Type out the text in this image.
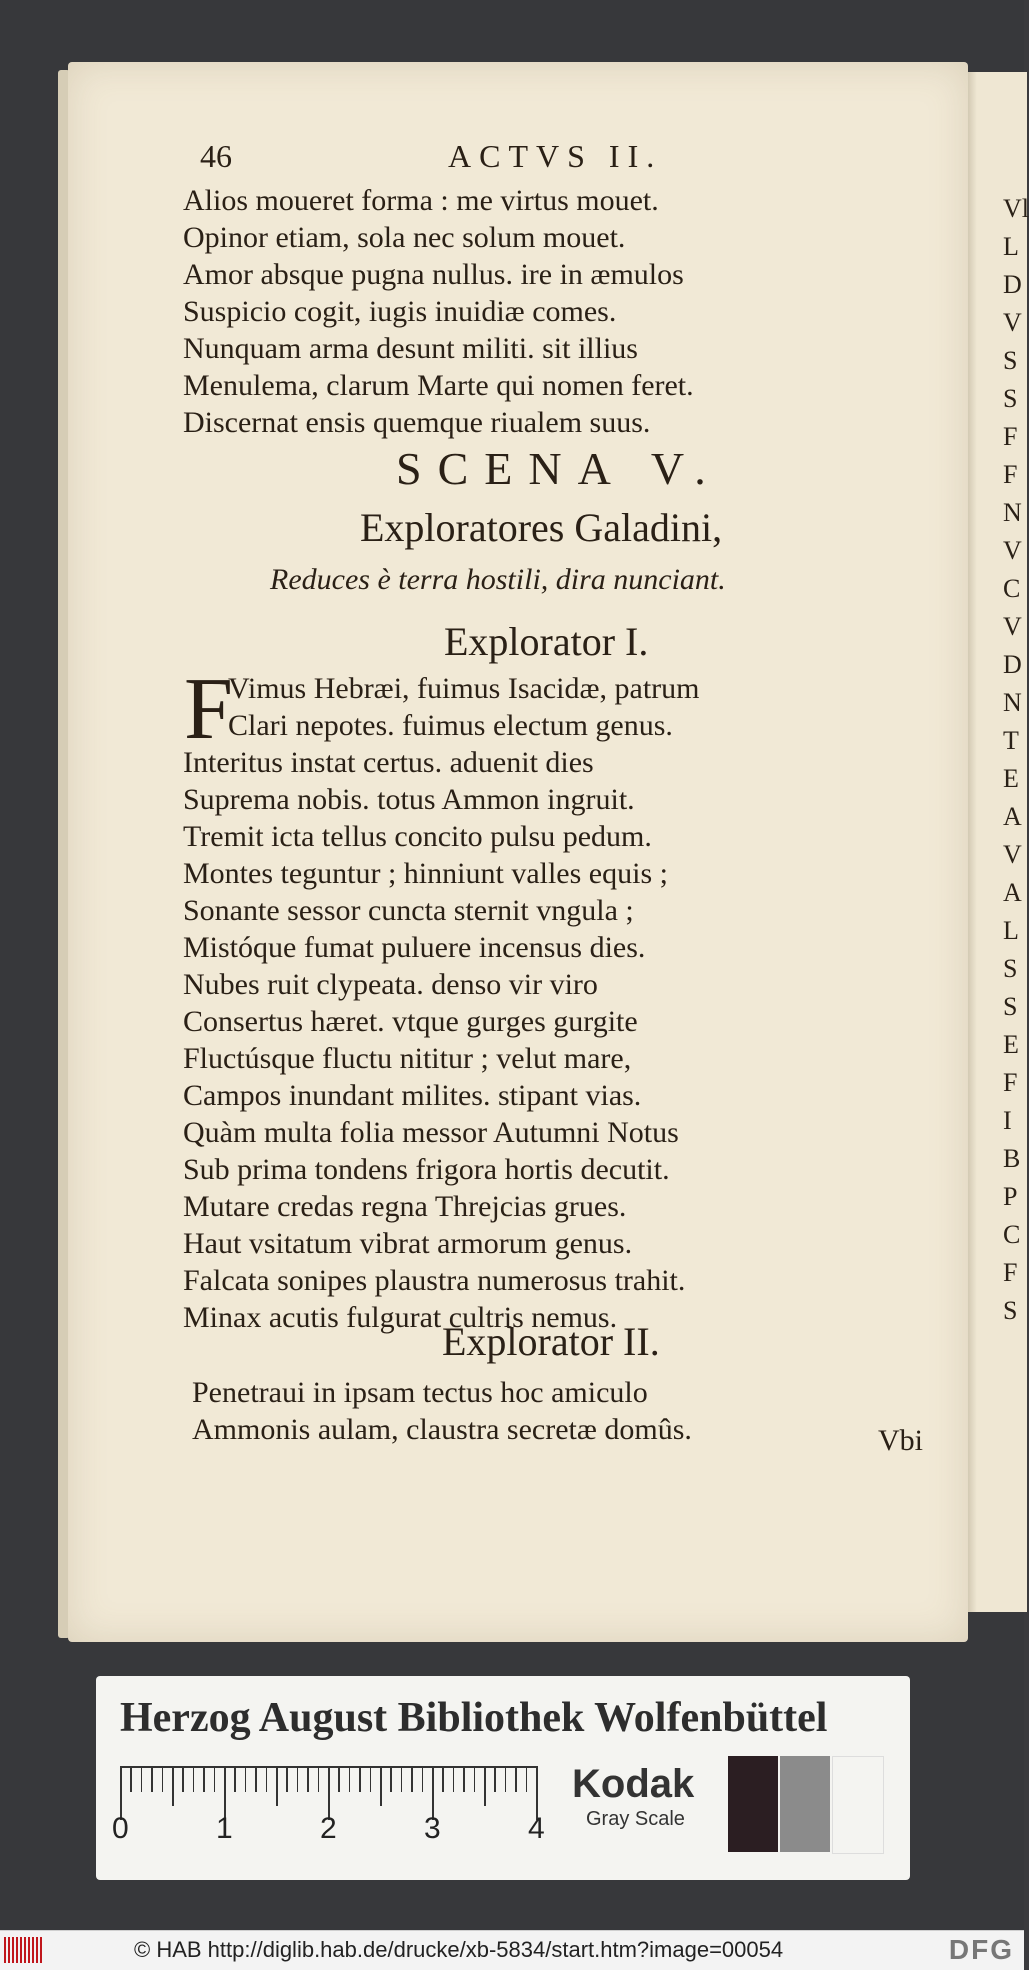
Vl
L
D
V
S
S
F
F
N
V
C
V
D
N
T
E
A
V
A
L
S
S
E
F
I
B
P
C
F
S
46	ACTVS II.
Alios moueret forma : me virtus mouet.
Opinor etiam, sola nec solum mouet.
Amor absque pugna nullus. ire in æmulos
Suspicio cogit, iugis inuidiæ comes.
Nunquam arma desunt militi. sit illius
Menulema, clarum Marte qui nomen feret.
Discernat ensis quemque riualem suus.
SCENA V.
Exploratores Galadini,
Reduces è terra hostili, dira nunciant.
Explorator I.
F
Vimus Hebræi, fuimus Isacidæ, patrum
Clari nepotes. fuimus electum genus.
Interitus instat certus. aduenit dies
Suprema nobis. totus Ammon ingruit.
Tremit icta tellus concito pulsu pedum.
Montes teguntur ; hinniunt valles equis ;
Sonante sessor cuncta sternit vngula ;
Mistóque fumat puluere incensus dies.
Nubes ruit clypeata. denso vir viro
Consertus hæret. vtque gurges gurgite
Fluctúsque fluctu nititur ; velut mare,
Campos inundant milites. stipant vias.
Quàm multa folia messor Autumni Notus
Sub prima tondens frigora hortis decutit.
Mutare credas regna Threjcias grues.
Haut vsitatum vibrat armorum genus.
Falcata sonipes plaustra numerosus trahit.
Minax acutis fulgurat cultris nemus.
Explorator II.
Penetraui in ipsam tectus hoc amiculo
Ammonis aulam, claustra secretæ domûs.	Vbi
Herzog August Bibliothek Wolfenbüttel
0	1	2	3	4
Kodak
Gray Scale
© HAB http://diglib.hab.de/drucke/xb-5834/start.htm?image=00054	DFG
